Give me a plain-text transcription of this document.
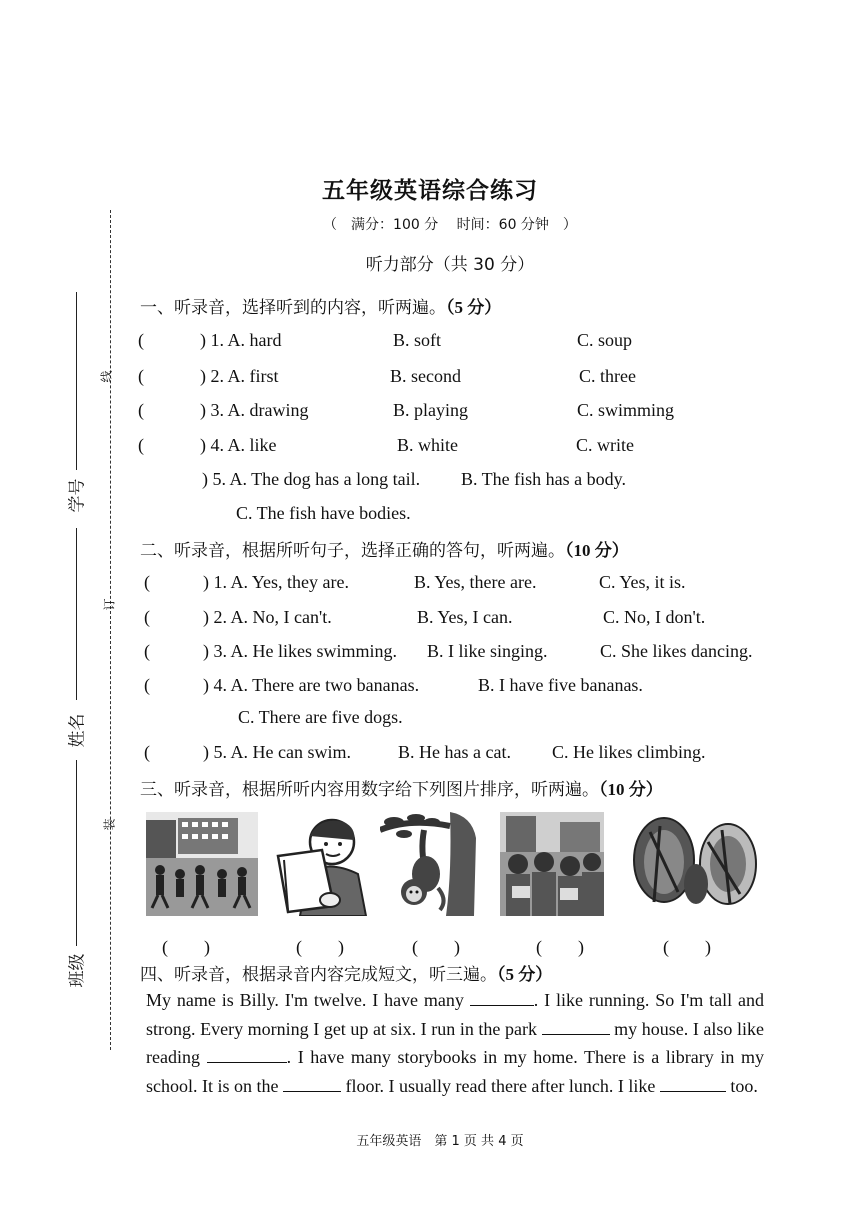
五年级英语综合练习
（　满分：100 分　 时间：60 分钟　）
听力部分（共 30 分）
线
订
装
学号
姓名
班级
一、听录音，选择听到的内容，听两遍。（5 分）
(	) 1. A. hard	B. soft	C. soup
(	) 2. A. first	B. second	C. three
(	) 3. A. drawing	B. playing	C. swimming
(	) 4. A. like	B. white	C. write
) 5. A. The dog has a long tail. B. The fish has a body.
C. The fish have bodies.
二、听录音，根据所听句子，选择正确的答句，听两遍。（10 分）
(	) 1. A. Yes, they are.	B. Yes, there are.	C. Yes, it is.
(	) 2. A. No, I can't.	B. Yes, I can.	C. No, I don't.
(	) 3. A. He likes swimming. B. I like singing.	C. She likes dancing.
(	) 4. A. There are two bananas.	B. I have five bananas.
C. There are five dogs.
(	) 5. A. He can swim.	B. He has a cat. C. He likes climbing.
三、听录音，根据所听内容用数字给下列图片排序，听两遍。（10 分）
(　　)	(　　)	(　　)	(　　)	(　　)
四、听录音，根据录音内容完成短文，听三遍。（5 分）
My name is Billy. I'm twelve. I have many	. I like running. So I'm tall and strong. Every morning I get up at six. I run in the park	my house. I also like reading	. I have many storybooks in my home. There is a library in my school. It is on the	floor. I usually read there after lunch. I like	too.
五年级英语　第 1 页 共 4 页
